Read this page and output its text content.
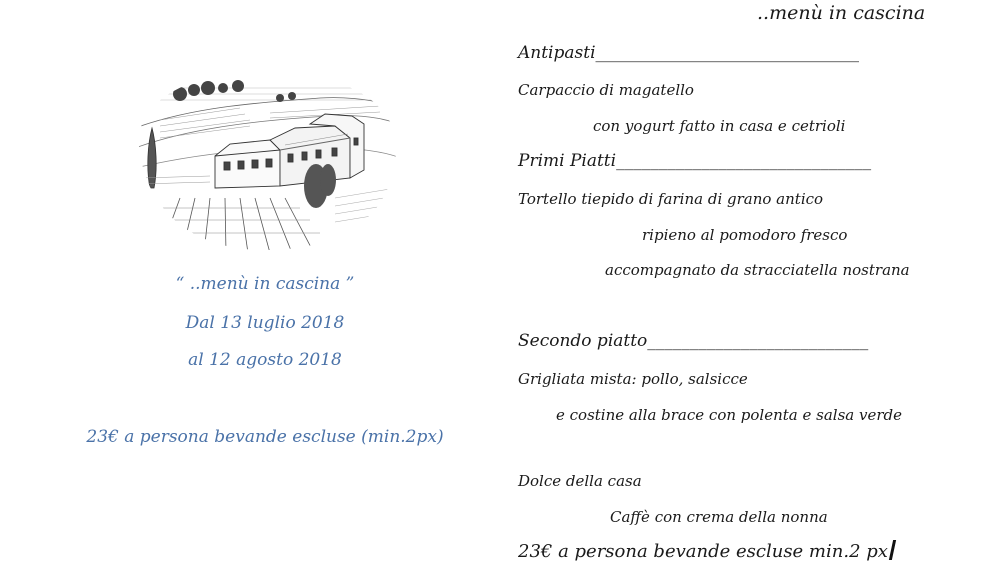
“ ..menù in cascina ”
Dal 13 luglio 2018
al 12 agosto 2018
23€ a persona bevande escluse (min.2px)
..menù in cascina
Antipasti_______________________________
Carpaccio di magatello
con yogurt fatto in casa e cetrioli
Primi Piatti______________________________
Tortello tiepido di farina di grano antico
ripieno al pomodoro fresco
accompagnato da stracciatella nostrana
Secondo piatto__________________________
Grigliata mista: pollo, salsicce
e costine alla brace con polenta e salsa verde
Dolce della casa
Caffè con crema della nonna
23€ a persona bevande escluse min.2 px
